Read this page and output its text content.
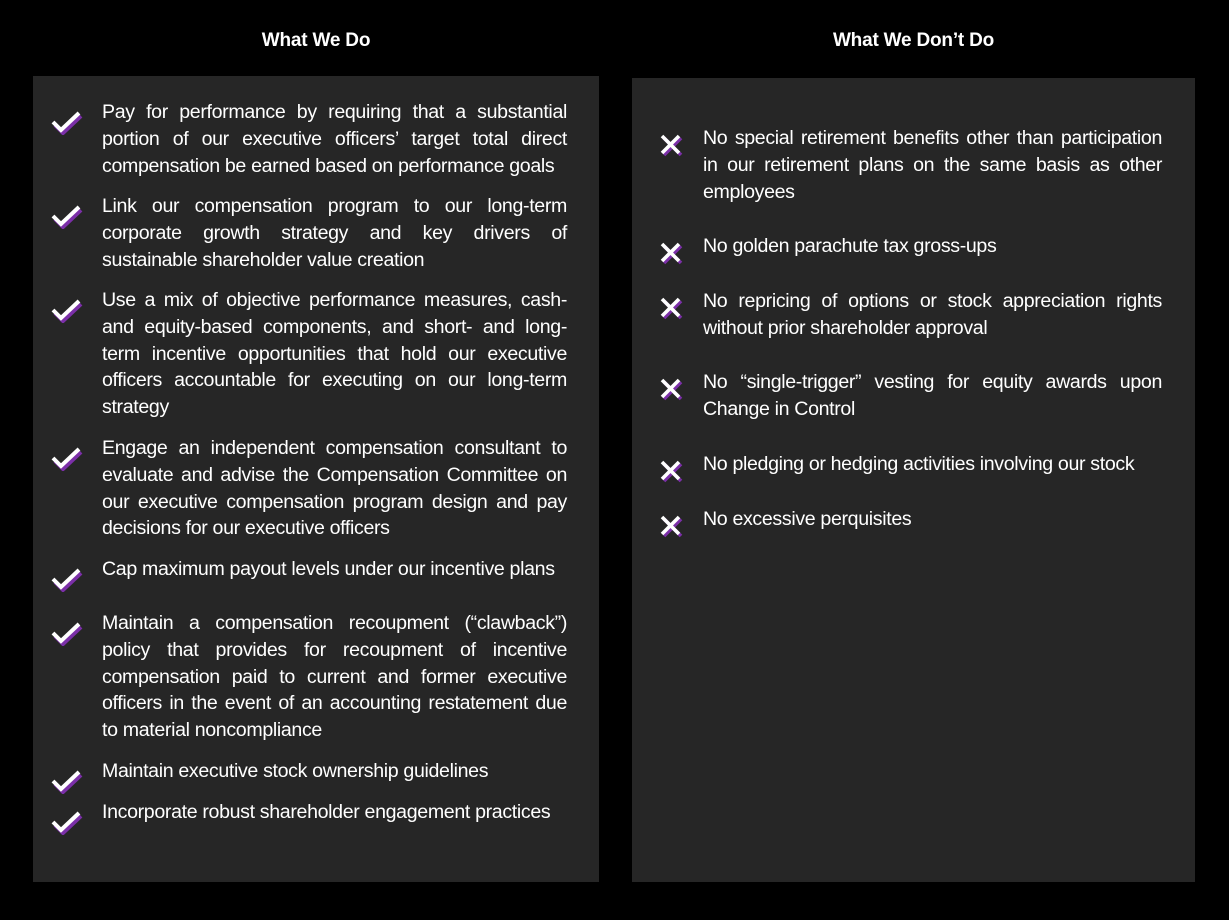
What We Do	What We Don’t Do
Pay for performance by requiring that a substantial portion of our executive officers’ target total direct compensation be earned based on performance goals
Link our compensation program to our long-term corporate growth strategy and key drivers of sustainable shareholder value creation
Use a mix of objective performance measures, cash-and equity-based components, and short- and long-term incentive opportunities that hold our executive officers accountable for executing on our long-term strategy
Engage an independent compensation consultant to evaluate and advise the Compensation Committee on our executive compensation program design and pay decisions for our executive officers
Cap maximum payout levels under our incentive plans
Maintain a compensation recoupment (“clawback”) policy that provides for recoupment of incentive compensation paid to current and former executive officers in the event of an accounting restatement due to material noncompliance
Maintain executive stock ownership guidelines
Incorporate robust shareholder engagement practices
No special retirement benefits other than participation in our retirement plans on the same basis as other employees
No golden parachute tax gross-ups
No repricing of options or stock appreciation rights without prior shareholder approval
No “single-trigger” vesting for equity awards upon Change in Control
No pledging or hedging activities involving our stock
No excessive perquisites
